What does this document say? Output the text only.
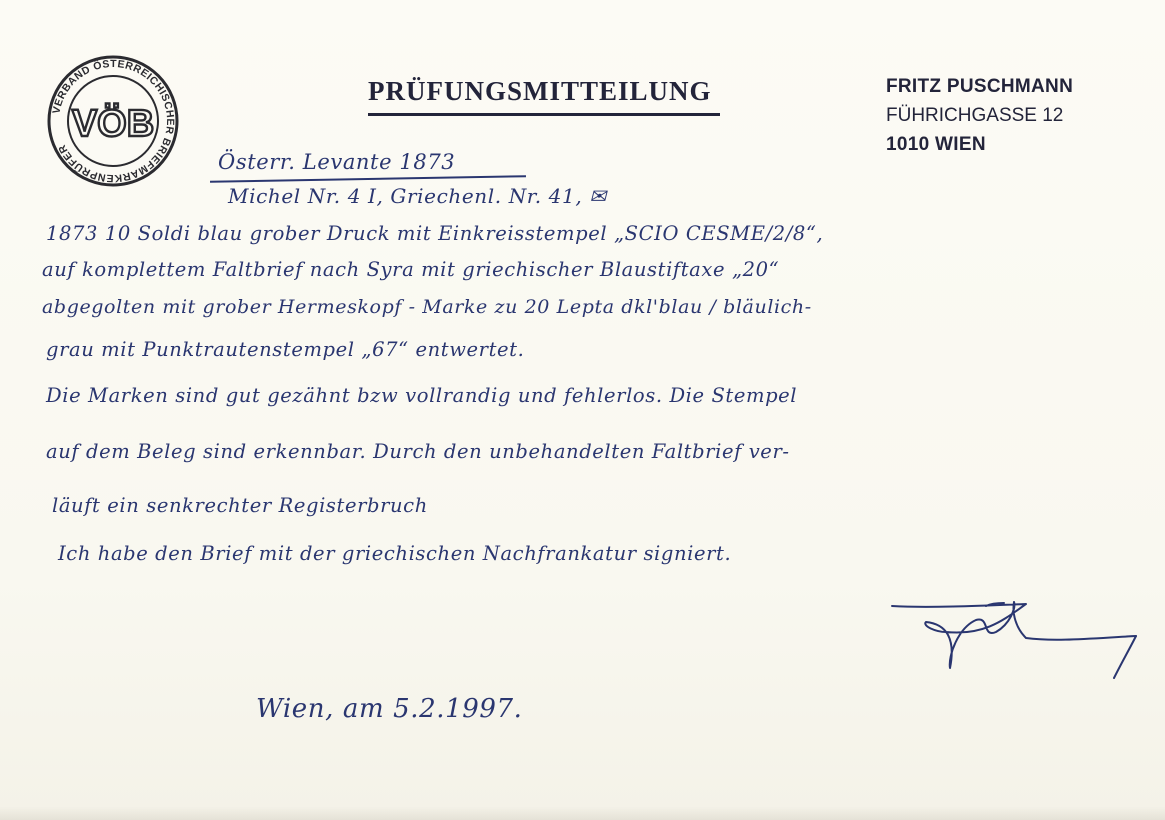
VERBAND ÖSTERREICHISCHER BRIEFMARKENPRÜFER
VÖB
PRÜFUNGSMITTEILUNG	FRITZ PUSCHMANN
FÜHRICHGASSE 12
1010 WIEN
Österr. Levante 1873
Michel Nr. 4 I, Griechenl. Nr. 41, ✉
1873 10 Soldi blau grober Druck mit Einkreisstempel „SCIO CESME/2/8“,
auf komplettem Faltbrief nach Syra mit griechischer Blaustiftaxe „20“
abgegolten mit grober Hermeskopf - Marke zu 20 Lepta dkl'blau / bläulich-
grau mit Punktrautenstempel „67“ entwertet.
Die Marken sind gut gezähnt bzw vollrandig und fehlerlos. Die Stempel
auf dem Beleg sind erkennbar. Durch den unbehandelten Faltbrief ver-
läuft ein senkrechter Registerbruch
Ich habe den Brief mit der griechischen Nachfrankatur signiert.
Wien, am 5.2.1997.
